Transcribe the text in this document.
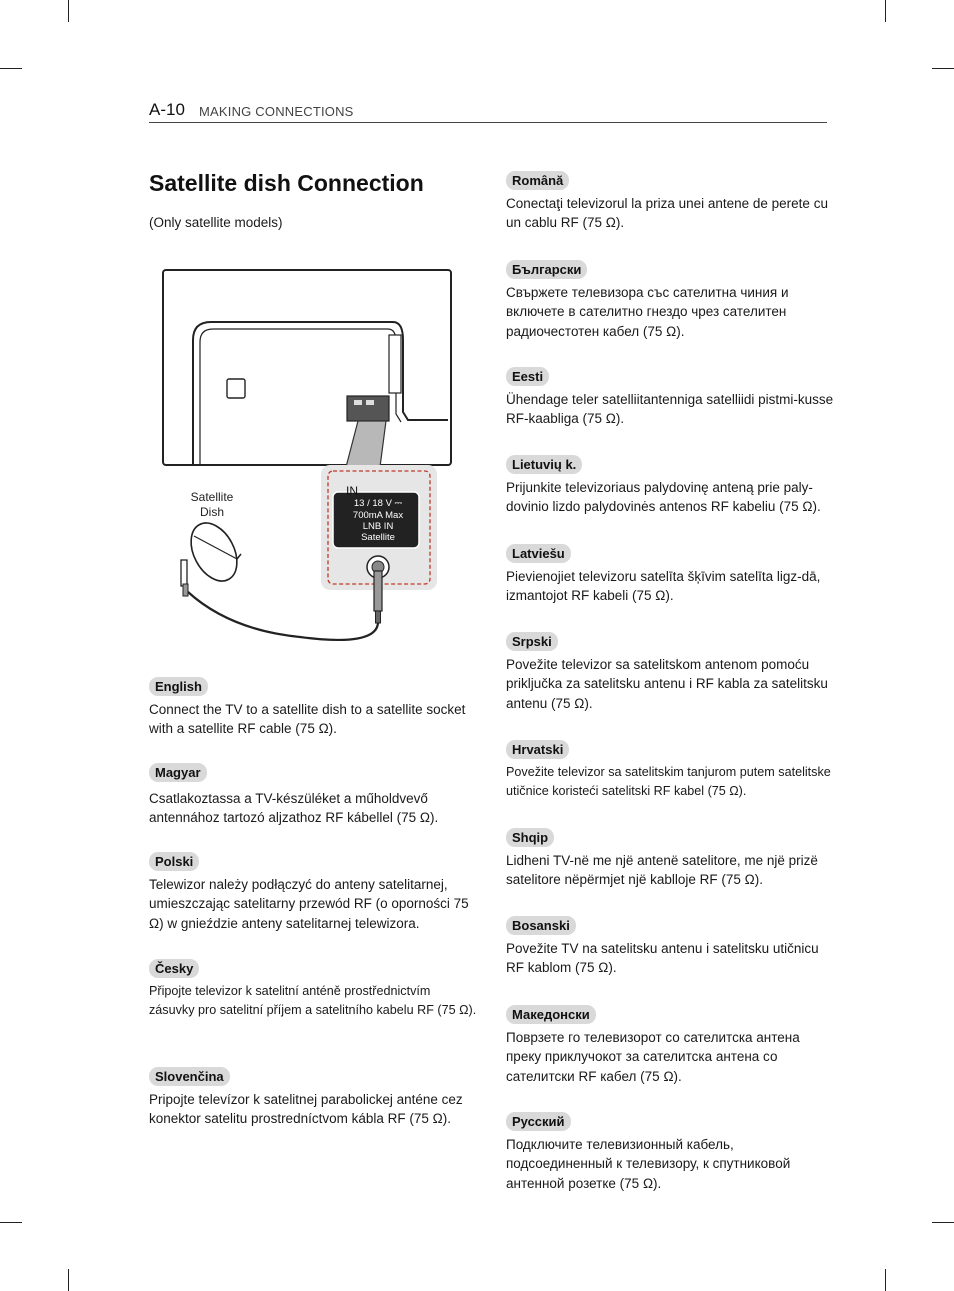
A-10 MAKING CONNECTIONS
Satellite dish Connection
(Only satellite models)
IN
13 / 18 V ⎓
700mA Max
LNB IN
Satellite
Satellite
Dish
English
Connect the TV to a satellite dish to a satellite socket with a satellite RF cable (75 Ω).
Magyar
Csatlakoztassa a TV-készüléket a műholdvevő antennához tartozó aljzathoz RF kábellel (75 Ω).
Polski
Telewizor należy podłączyć do anteny satelitarnej, umieszczając satelitarny przewód RF (o oporności 75 Ω) w gnieździe anteny satelitarnej telewizora.
Česky
Připojte televizor k satelitní anténě prostřednictvím zásuvky pro satelitní příjem a satelitního kabelu RF (75 Ω).
Slovenčina
Pripojte televízor k satelitnej parabolickej anténe cez konektor satelitu prostredníctvom kábla RF (75 Ω).
Română
Conectaţi televizorul la priza unei antene de perete cu un cablu RF (75 Ω).
Български
Свържете телевизора със сателитна чиния и включете в сателитно гнездо чрез сателитен радиочестотен кабел (75 Ω).
Eesti
Ühendage teler satelliitantenniga satelliidi pistmi-kusse RF-kaabliga (75 Ω).
Lietuvių k.
Prijunkite televizoriaus palydovinę anteną prie paly-dovinio lizdo palydovinės antenos RF kabeliu (75 Ω).
Latviešu
Pievienojiet televizoru satelīta šķīvim satelīta ligz-dā, izmantojot RF kabeli (75 Ω).
Srpski
Povežite televizor sa satelitskom antenom pomoću priključka za satelitsku antenu i RF kabla za satelitsku antenu (75 Ω).
Hrvatski
Povežite televizor sa satelitskim tanjurom putem satelitske utičnice koristeći satelitski RF kabel (75 Ω).
Shqip
Lidheni TV-në me një antenë satelitore, me një prizë satelitore nëpërmjet një kablloje RF (75 Ω).
Bosanski
Povežite TV na satelitsku antenu i satelitsku utičnicu RF kablom (75 Ω).
Македонски
Поврзете го телевизорот со сателитска антена преку приклучокот за сателитска антена со сателитски RF кабел (75 Ω).
Русский
Подключите телевизионный кабель, подсоединенный к телевизору, к спутниковой антенной розетке (75 Ω).
